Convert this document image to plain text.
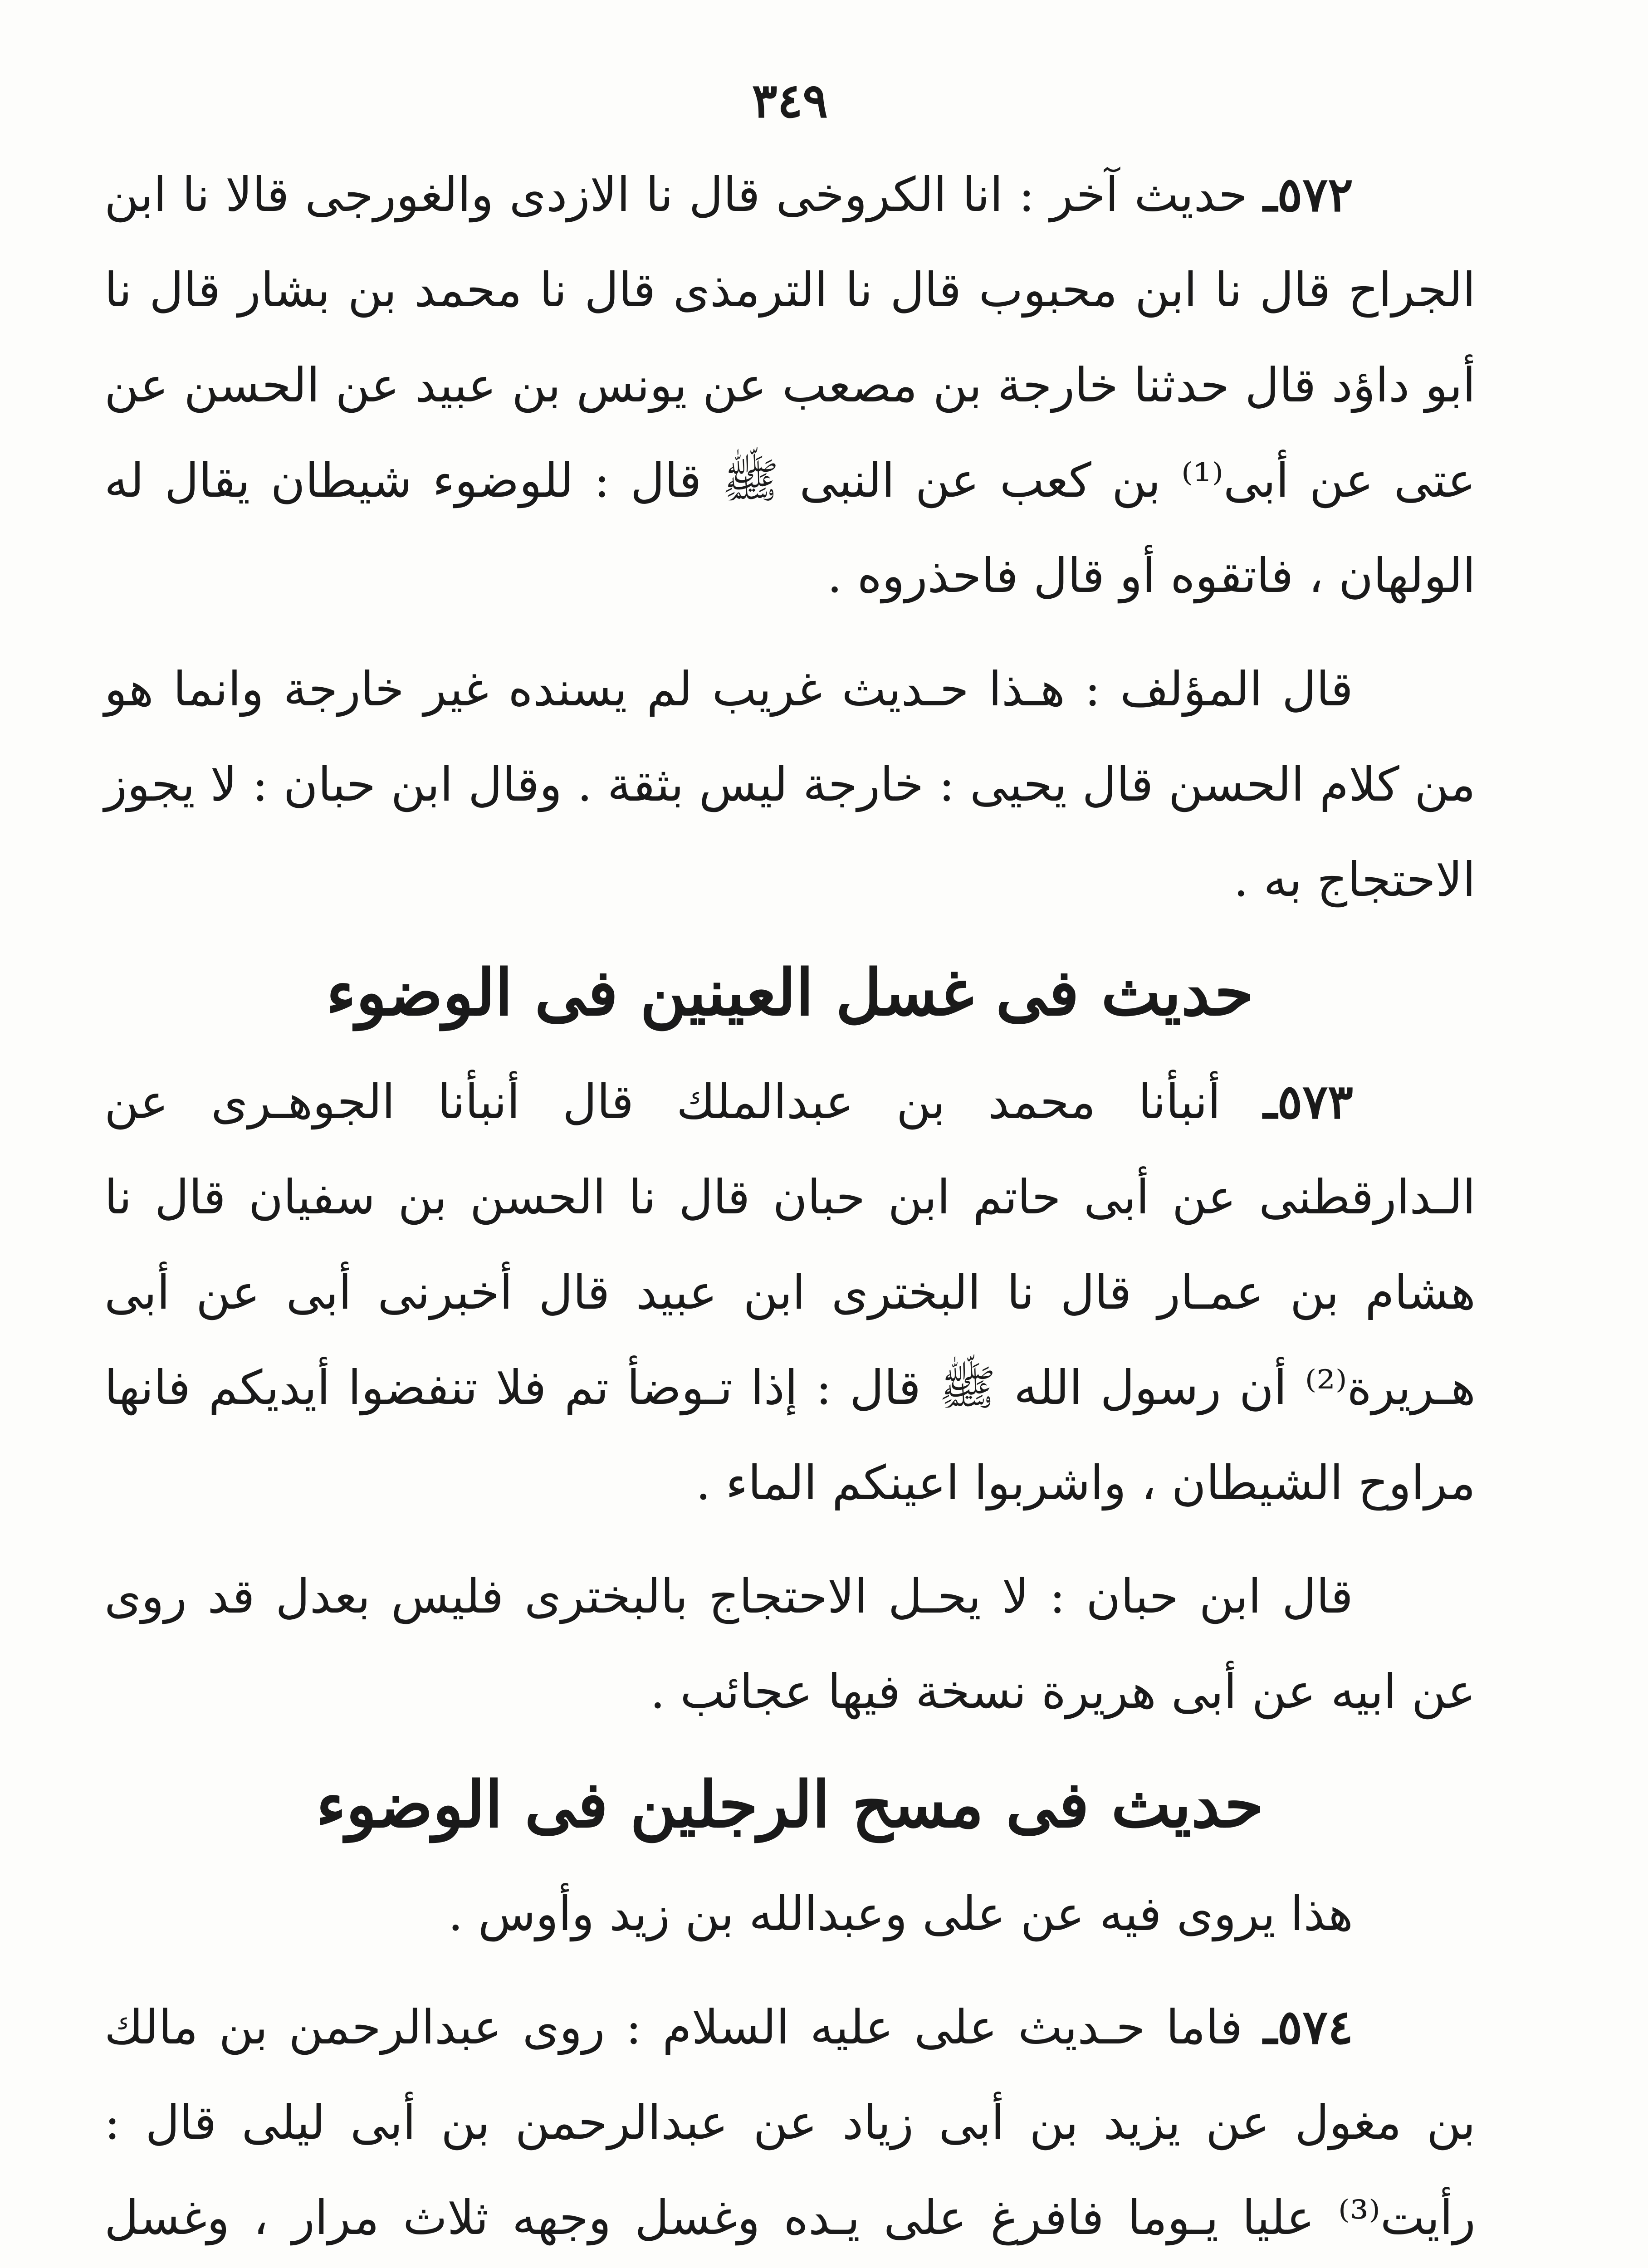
٣٤٩

٥٧٢ـ حديث آخر : انا الكروخى قال نا الازدى والغورجى قالا نا ابن الجراح قال نا ابن محبوب قال نا الترمذى قال نا محمد بن بشار قال نا أبو داؤد قال حدثنا خارجة بن مصعب عن يونس بن عبيد عن الحسن عن عتى عن أبى⁽¹⁾ بن كعب عن النبى ﷺ قال : للوضوء شيطان يقال له الولهان ، فاتقوه أو قال فاحذروه .

قال المؤلف : هـذا حـديث غريب لم يسنده غير خارجة وانما هو من كلام الحسن قال يحيى : خارجة ليس بثقة . وقال ابن حبان : لا يجوز الاحتجاج به .

حديث فى غسل العينين فى الوضوء

٥٧٣ـ أنبأنا محمد بن عبدالملك قال أنبأنا الجوهـرى عن الـدارقطنى عن أبى حاتم ابن حبان قال نا الحسن بن سفيان قال نا هشام بن عمـار قال نا البخترى ابن عبيد قال أخبرنى أبى عن أبى هـريرة⁽²⁾ أن رسول الله ﷺ قال : إذا تـوضأ تم فلا تنفضوا أيديكم فانها مراوح الشيطان ، واشربوا اعينكم الماء .

قال ابن حبان : لا يحـل الاحتجاج بالبخترى فليس بعدل قد روى عن ابيه عن أبى هريرة نسخة فيها عجائب .

حديث فى مسح الرجلين فى الوضوء

هذا يروى فيه عن على وعبدالله بن زيد وأوس .

٥٧٤ـ فاما حـديث على عليه السلام : روى عبدالرحمن بن مالك بن مغول عن يزيد بن أبى زياد عن عبدالرحمن بن أبى ليلى قال : رأيت⁽³⁾ عليا يـوما فافرغ على يـده وغسل وجهه ثلاث مرار ، وغسل
